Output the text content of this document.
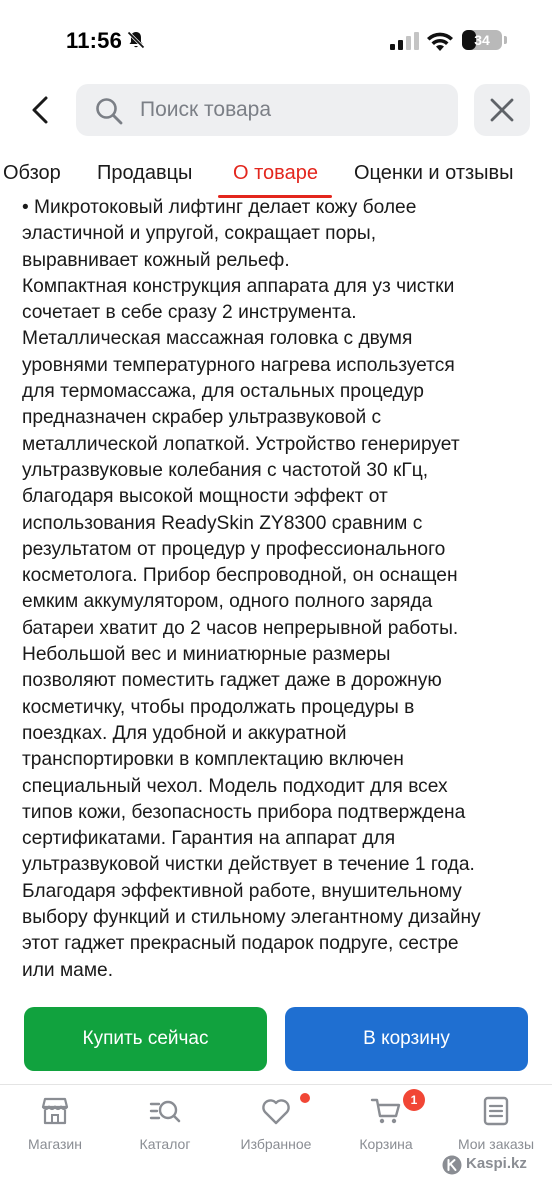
11:56	34
Поиск товара
Обзор Продавцы О товаре Оценки и отзывы
• Микротоковый лифтинг делает кожу более
эластичной и упругой, сокращает поры,
выравнивает кожный рельеф.
Компактная конструкция аппарата для уз чистки
сочетает в себе сразу 2 инструмента.
Металлическая массажная головка с двумя
уровнями температурного нагрева используется
для термомассажа, для остальных процедур
предназначен скрабер ультразвуковой с
металлической лопаткой. Устройство генерирует
ультразвуковые колебания с частотой 30 кГц,
благодаря высокой мощности эффект от
использования ReadySkin ZY8300 сравним с
результатом от процедур у профессионального
косметолога. Прибор беспроводной, он оснащен
емким аккумулятором, одного полного заряда
батареи хватит до 2 часов непрерывной работы.
Небольшой вес и миниатюрные размеры
позволяют поместить гаджет даже в дорожную
косметичку, чтобы продолжать процедуры в
поездках. Для удобной и аккуратной
транспортировки в комплектацию включен
специальный чехол. Модель подходит для всех
типов кожи, безопасность прибора подтверждена
сертификатами. Гарантия на аппарат для
ультразвуковой чистки действует в течение 1 года.
Благодаря эффективной работе, внушительному
выбору функций и стильному элегантному дизайну
этот гаджет прекрасный подарок подруге, сестре
или маме.
Купить сейчас	В корзину
Магазин	Каталог	Избранное
1
Корзина	Мои заказы
Kaspi.kz
